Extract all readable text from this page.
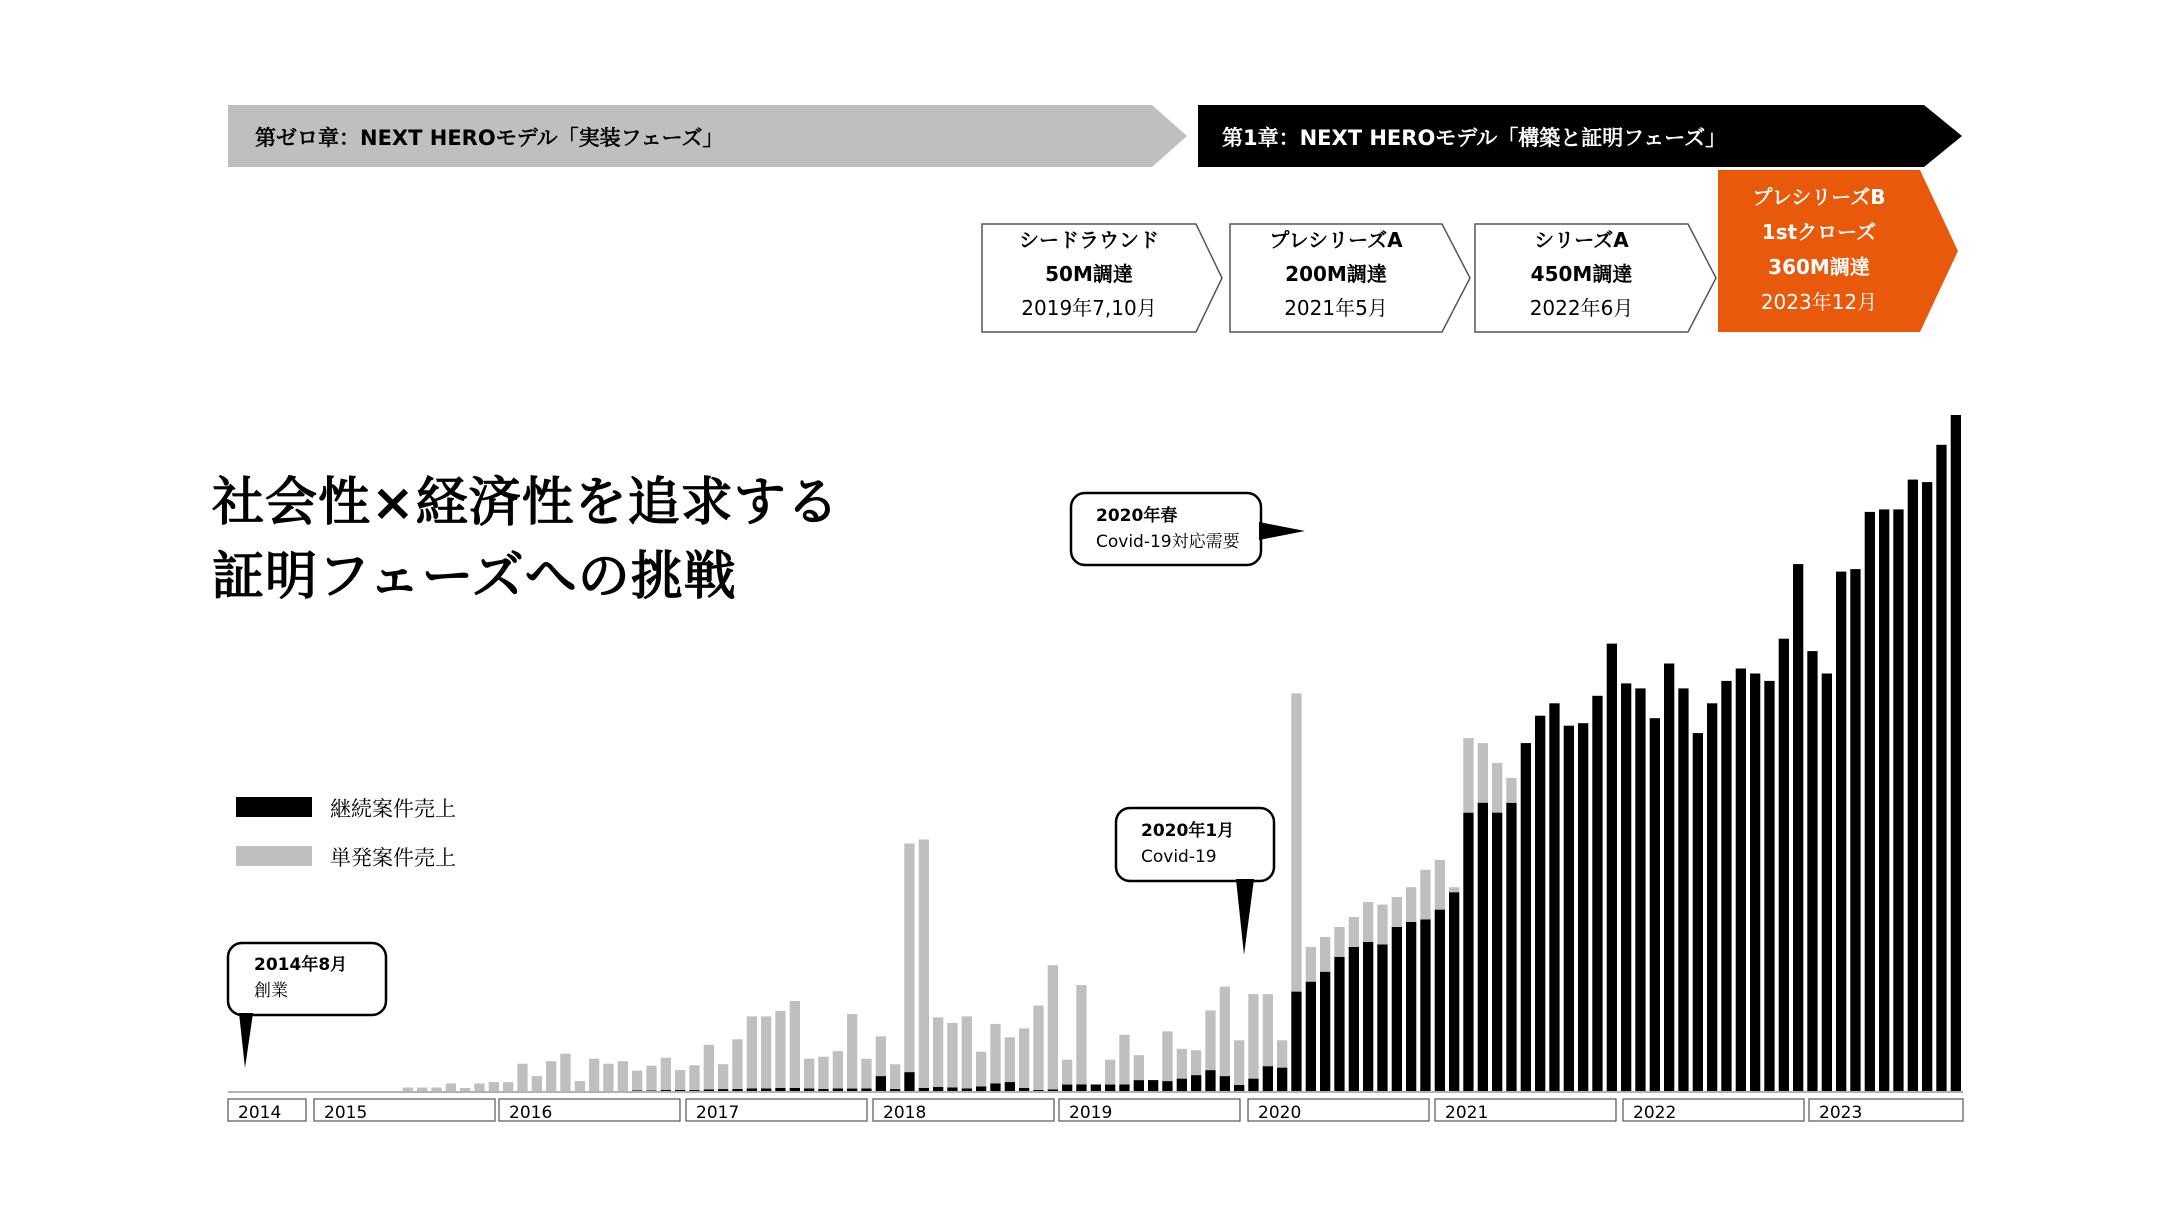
第ゼロ章：NEXT HEROモデル「実装フェーズ」	第1章：NEXT HEROモデル「構築と証明フェーズ」
シードラウンド
50M調達
2019年7,10月
プレシリーズA
200M調達
2021年5月
シリーズA
450M調達
2022年6月
プレシリーズB
1stクローズ
360M調達
2023年12月
社会性×経済性を追求する
証明フェーズへの挑戦
継続案件売上
単発案件売上
2014	2015	2016	2017	2018	2019	2020	2021	2022	2023
2014年8月
創業
2020年1月
Covid-19
2020年春
Covid-19対応需要
